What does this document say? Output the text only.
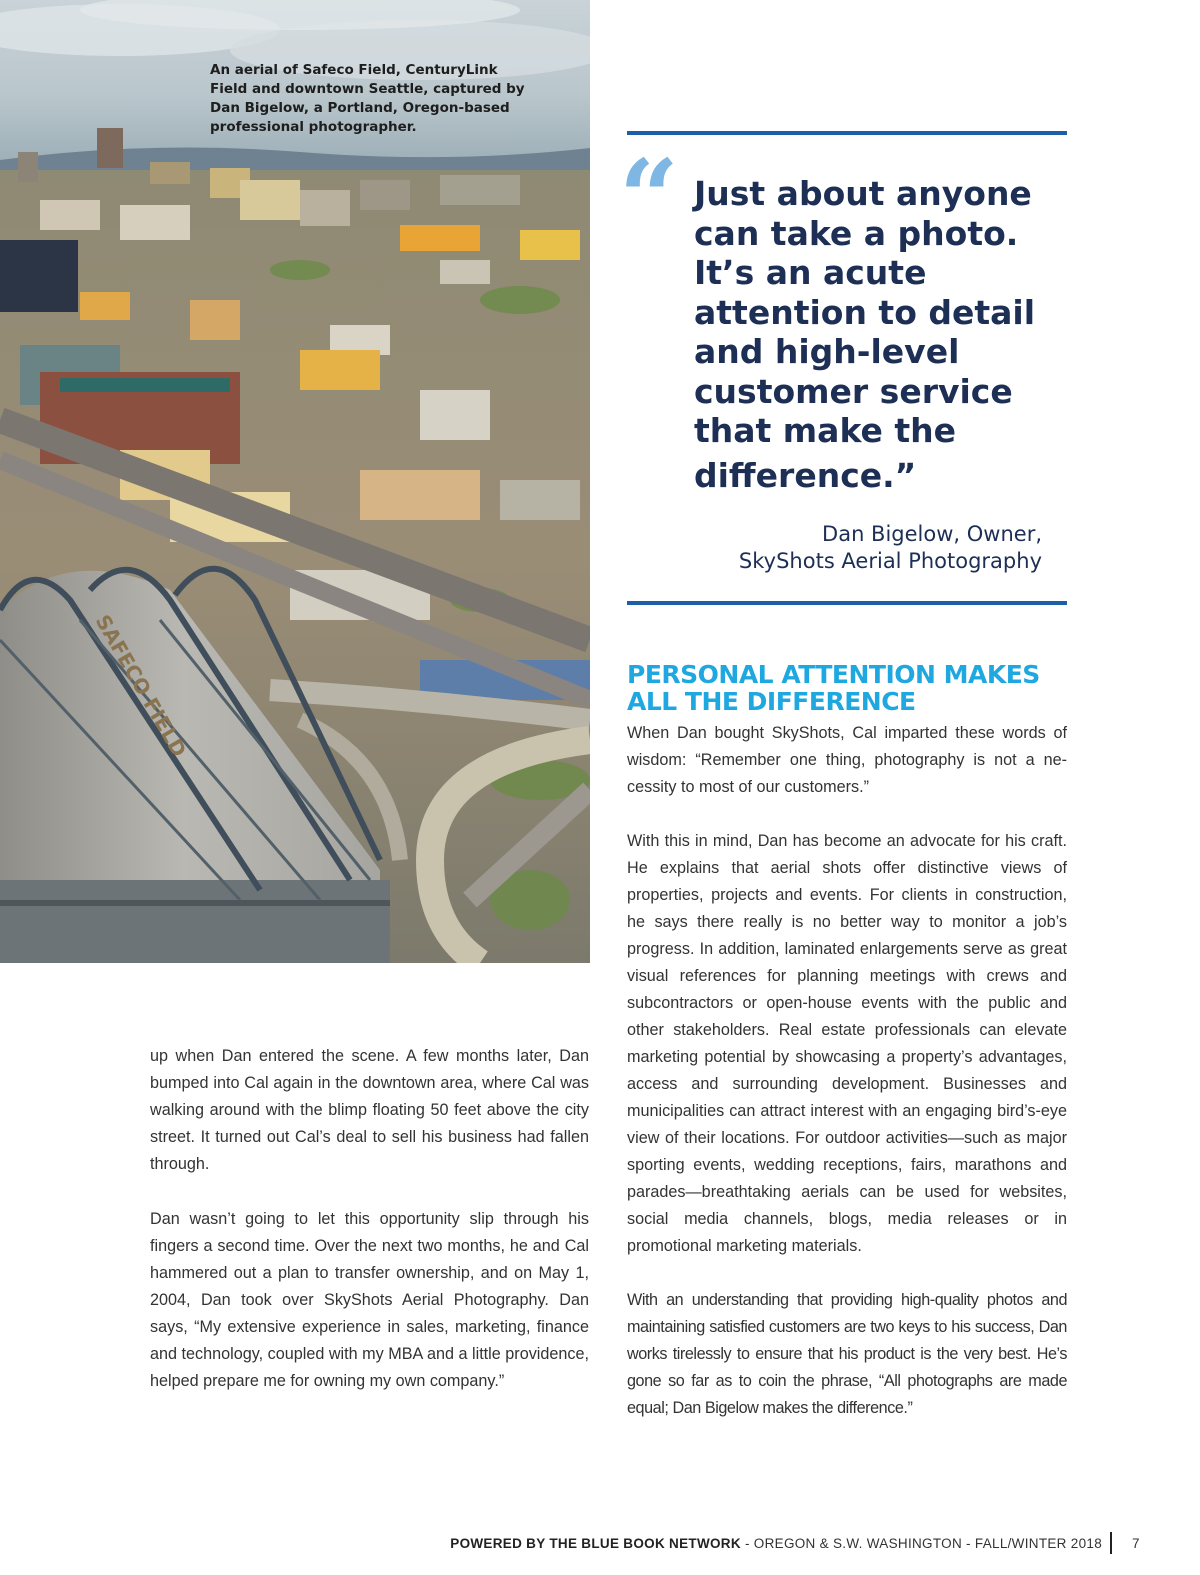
SAFECO FIELD

An aerial of Safeco Field, CenturyLink Field and downtown Seattle, captured by Dan Bigelow, a Portland, Oregon-based professional photographer.

“ Just about anyone
can take a photo.
It’s an acute
attention to detail
and high-level
customer service
that make the
difference.”
Dan Bigelow, Owner,
SkyShots Aerial Photography
PERSONAL ATTENTION MAKES
ALL THE DIFFERENCE

When Dan bought SkyShots, Cal imparted these words of wisdom: “Remember one thing, photography is not a necessity to most of our customers.”

With this in mind, Dan has become an advocate for his craft. He explains that aerial shots offer distinctive views of properties, projects and events. For clients in construction, he says there really is no better way to monitor a job’s progress. In addition, laminated enlargements serve as great visual references for planning meetings with crews and subcontractors or open-house events with the public and other stakeholders. Real estate professionals can elevate marketing potential by showcasing a property’s advantages, access and surrounding development. Businesses and municipalities can attract interest with an engaging bird’s-eye view of their locations. For outdoor activities—such as major sporting events, wedding receptions, fairs, marathons and parades—breathtaking aerials can be used for websites, social media channels, blogs, media releases or in promotional marketing materials.

With an understanding that providing high-quality photos and maintaining satisfied customers are two keys to his success, Dan works tirelessly to ensure that his product is the very best. He’s gone so far as to coin the phrase, “All photographs are made equal; Dan Bigelow makes the difference.”

up when Dan entered the scene. A few months later, Dan bumped into Cal again in the downtown area, where Cal was walking around with the blimp floating 50 feet above the city street. It turned out Cal’s deal to sell his business had fallen through.

Dan wasn’t going to let this opportunity slip through his fingers a second time. Over the next two months, he and Cal hammered out a plan to transfer ownership, and on May 1, 2004, Dan took over SkyShots Aerial Photography. Dan says, “My extensive experience in sales, marketing, finance and technology, coupled with my MBA and a little providence, helped prepare me for owning my own company.”

POWERED BY THE BLUE BOOK NETWORK - OREGON & S.W. WASHINGTON - FALL/WINTER 2018 7
